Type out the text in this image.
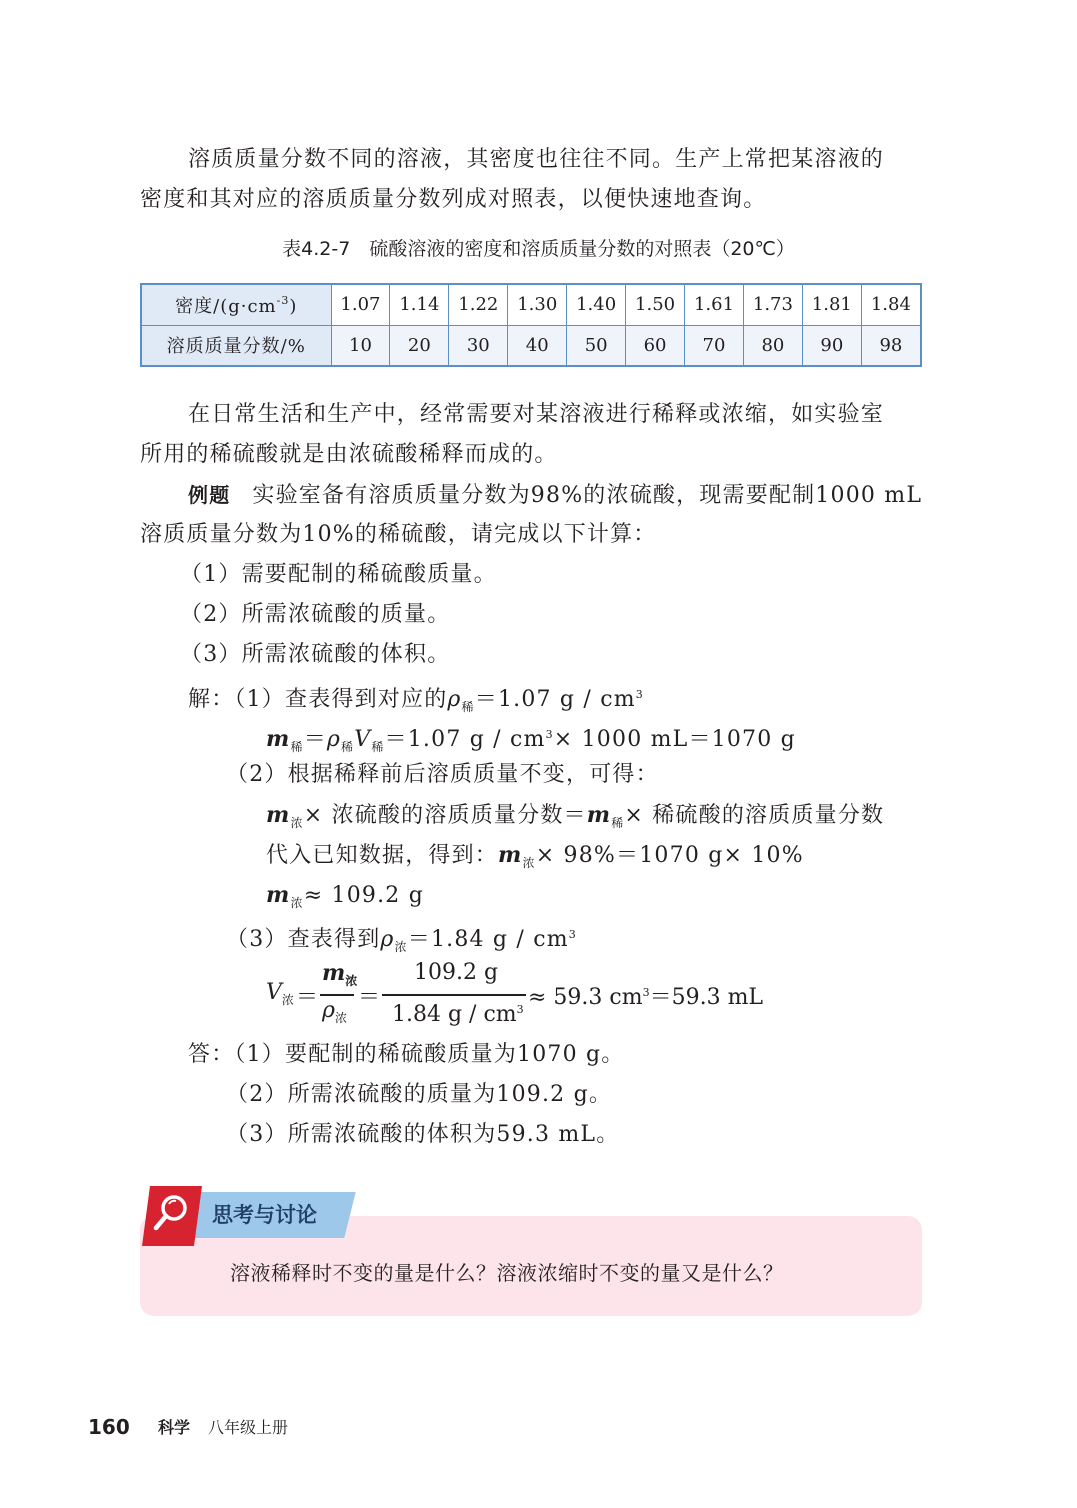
溶质质量分数不同的溶液，其密度也往往不同。生产上常把某溶液的
密度和其对应的溶质质量分数列成对照表，以便快速地查询。
表4.2-7　硫酸溶液的密度和溶质质量分数的对照表（20℃）
密度$/(g\cdot cm^{-3})$	1.07	1.14	1.22	1.30	1.40	1.50	1.61	1.73	1.81	1.84
溶质质量分数/%	10	20	30	40	50	60	70	80	90	98
在日常生活和生产中，经常需要对某溶液进行稀释或浓缩，如实验室
所用的稀硫酸就是由浓硫酸稀释而成的。
例题 实验室备有溶质质量分数为98%的浓硫酸，现需要配制1000 mL
溶质质量分数为10%的稀硫酸，请完成以下计算：
（1）需要配制的稀硫酸质量。
（2）所需浓硫酸的质量。
（3）所需浓硫酸的体积。
解：（1）查表得到对应的$\rho_稀=1.07$ g / $cm^3$
$m_稀=\rho_稀V_稀=1.07$ $g / cm^3\times 1000$ mL＝1070 g
（2）根据稀释前后溶质质量不变，可得：
$m_浓\times$ 浓硫酸的溶质质量分数$=m_稀\times$ 稀硫酸的溶质质量分数
代入已知数据，得到：$m_浓\times 98\%=1070$ g× 10%
$m_浓\approx 109.2$ g
（3）查表得到$\rho_浓=1.84$ g / $cm^3$
$V_浓$ ＝
$m_浓$
$\rho_浓$
＝
109.2 g
1.84 $g / cm^3 \approx 59.3$ $cm^3=59.3$ mL
答：（1）要配制的稀硫酸质量为1070 g。
（2）所需浓硫酸的质量为109.2 g。
（3）所需浓硫酸的体积为59.3 mL。
思考与讨论
溶液稀释时不变的量是什么？溶液浓缩时不变的量又是什么？
160 科学 八年级上册
